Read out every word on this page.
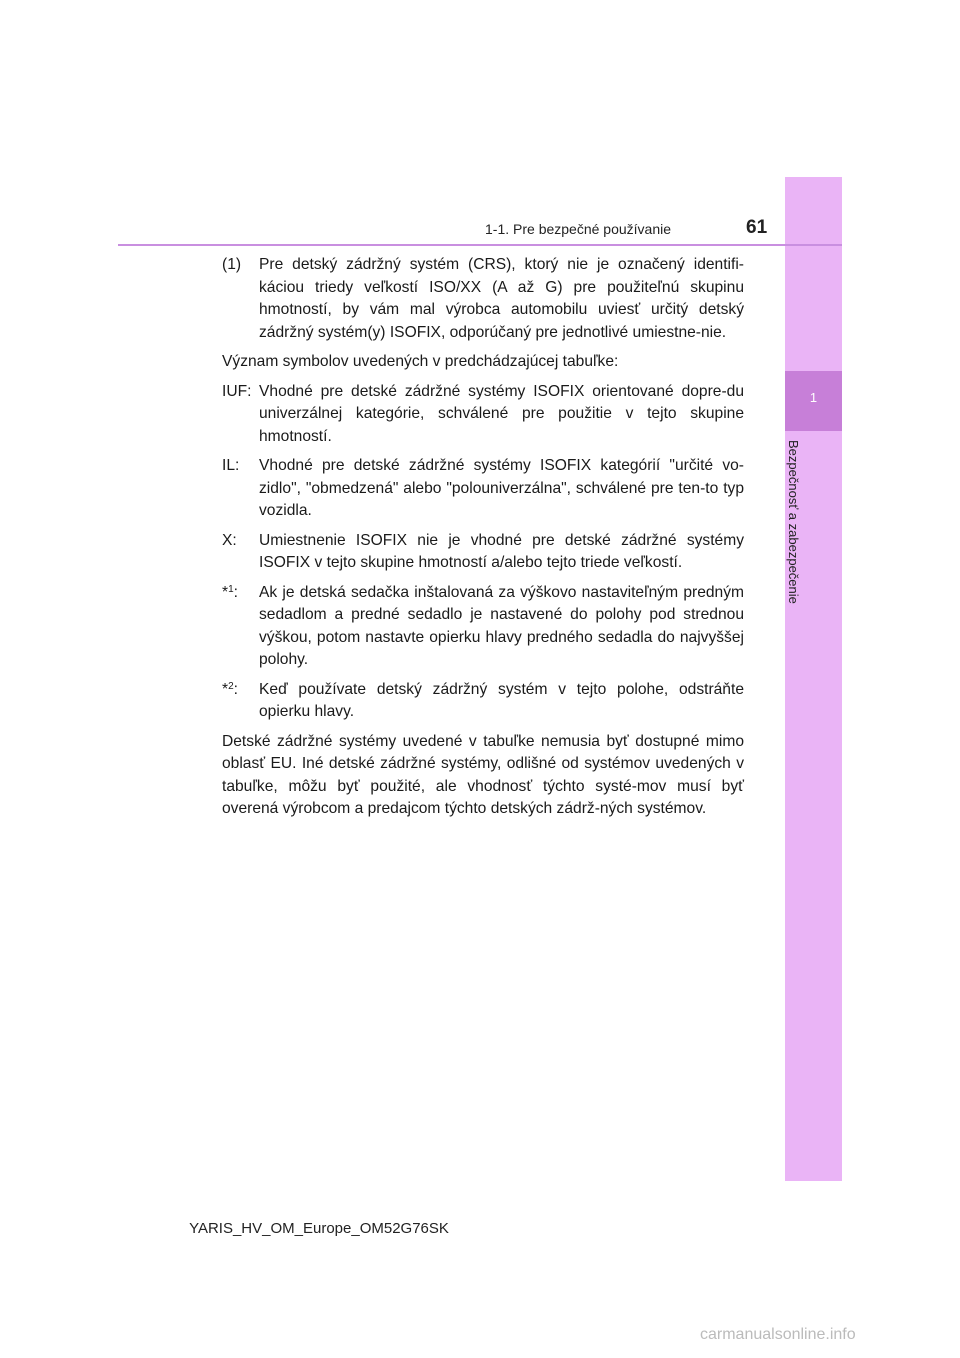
1
Bezpečnosť a zabezpečenie
1-1. Pre bezpečné používanie	61
(1)	Pre detský zádržný systém (CRS), ktorý nie je označený identifi-káciou triedy veľkostí ISO/XX (A až G) pre použiteľnú skupinu hmotností, by vám mal výrobca automobilu uviesť určitý detský zádržný systém(y) ISOFIX, odporúčaný pre jednotlivé umiestne-nie.
Význam symbolov uvedených v predchádzajúcej tabuľke:
IUF: Vhodné pre detské zádržné systémy ISOFIX orientované dopre-du univerzálnej kategórie, schválené pre použitie v tejto skupine hmotností.
IL:	Vhodné pre detské zádržné systémy ISOFIX kategórií "určité vo-zidlo", "obmedzená" alebo "polouniverzálna", schválené pre ten-to typ vozidla.
X:	Umiestnenie ISOFIX nie je vhodné pre detské zádržné systémy ISOFIX v tejto skupine hmotností a/alebo tejto triede veľkostí.
*$^1$:	Ak je detská sedačka inštalovaná za výškovo nastaviteľným predným sedadlom a predné sedadlo je nastavené do polohy pod strednou výškou, potom nastavte opierku hlavy predného sedadla do najvyššej polohy.
*$^2$:	Keď používate detský zádržný systém v tejto polohe, odstráňte opierku hlavy.
Detské zádržné systémy uvedené v tabuľke nemusia byť dostupné mimo oblasť EU. Iné detské zádržné systémy, odlišné od systémov uvedených v tabuľke, môžu byť použité, ale vhodnosť týchto systé-mov musí byť overená výrobcom a predajcom týchto detských zádrž-ných systémov.
YARIS_HV_OM_Europe_OM52G76SK
carmanualsonline.info
